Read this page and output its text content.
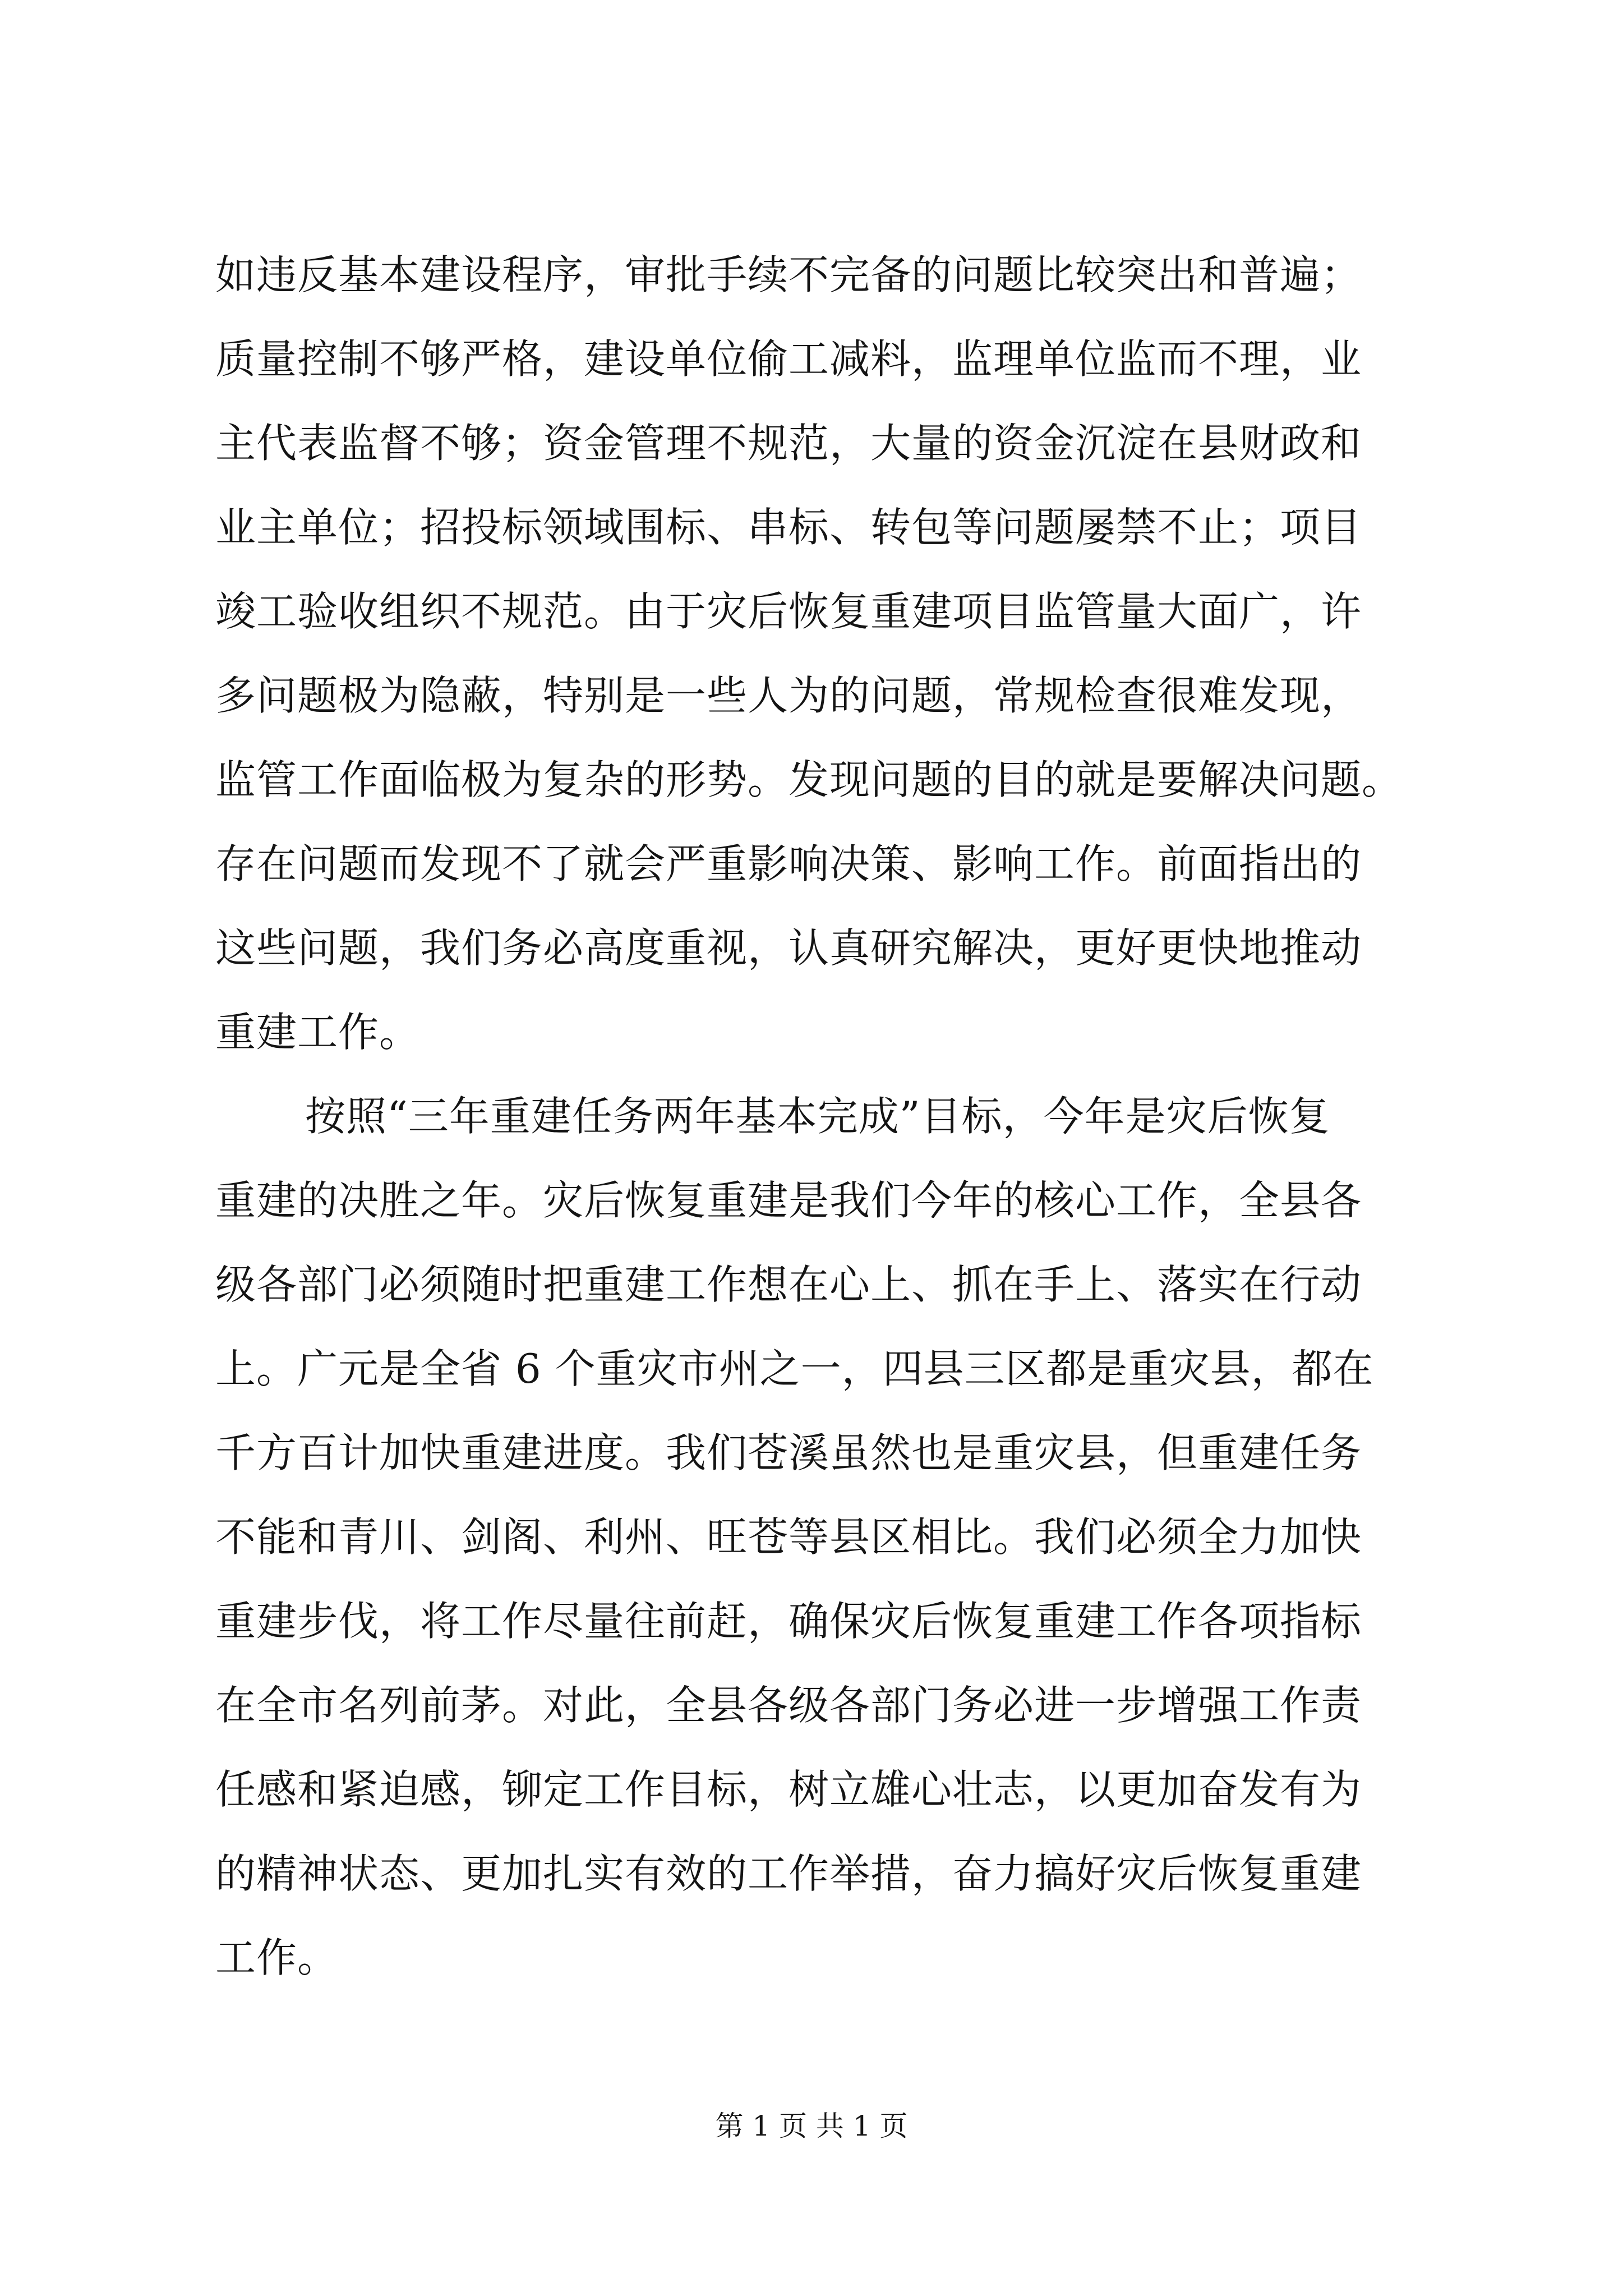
如违反基本建设程序，审批手续不完备的问题比较突出和普遍；
质量控制不够严格，建设单位偷工减料，监理单位监而不理，业
主代表监督不够；资金管理不规范，大量的资金沉淀在县财政和
业主单位；招投标领域围标、串标、转包等问题屡禁不止；项目
竣工验收组织不规范。由于灾后恢复重建项目监管量大面广，许
多问题极为隐蔽，特别是一些人为的问题，常规检查很难发现，
监管工作面临极为复杂的形势。发现问题的目的就是要解决问题。
存在问题而发现不了就会严重影响决策、影响工作。前面指出的
这些问题，我们务必高度重视，认真研究解决，更好更快地推动
重建工作。
按照“三年重建任务两年基本完成”目标，今年是灾后恢复
重建的决胜之年。灾后恢复重建是我们今年的核心工作，全县各
级各部门必须随时把重建工作想在心上、抓在手上、落实在行动
上。广元是全省 6 个重灾市州之一，四县三区都是重灾县，都在
千方百计加快重建进度。我们苍溪虽然也是重灾县，但重建任务
不能和青川、剑阁、利州、旺苍等县区相比。我们必须全力加快
重建步伐，将工作尽量往前赶，确保灾后恢复重建工作各项指标
在全市名列前茅。对此，全县各级各部门务必进一步增强工作责
任感和紧迫感，铆定工作目标，树立雄心壮志，以更加奋发有为
的精神状态、更加扎实有效的工作举措，奋力搞好灾后恢复重建
工作。
第 1 页 共 1 页
